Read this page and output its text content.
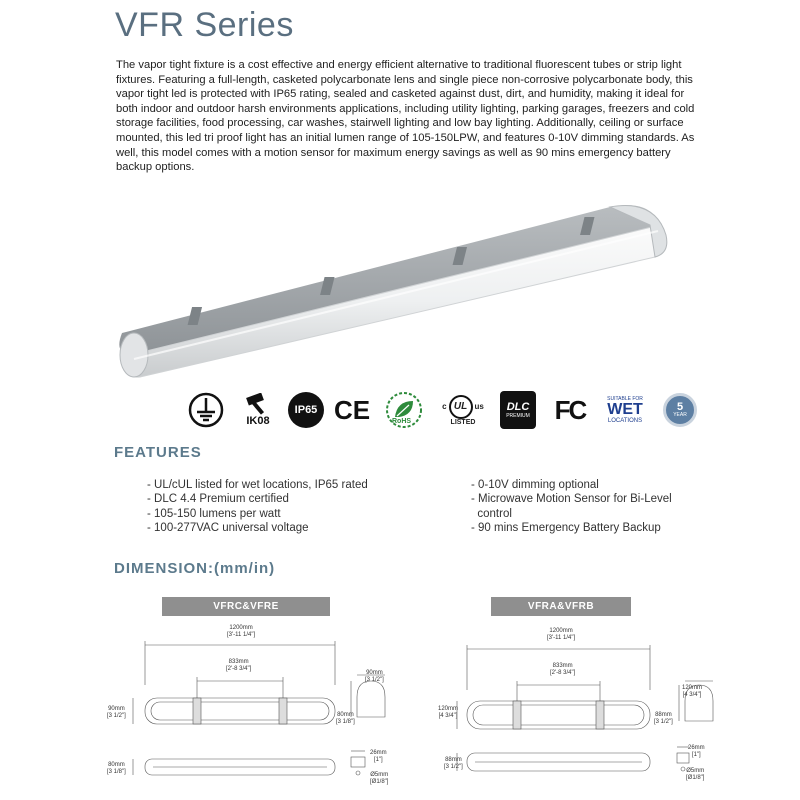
VFR Series

The vapor tight fixture is a cost effective and energy efficient alternative to traditional fluorescent tubes or strip light fixtures. Featuring a full-length, casketed polycarbonate lens and single piece non-corrosive polycarbonate body, this vapor tight led is protected with IP65 rating, sealed and casketed against dust, dirt, and humidity, making it ideal for both indoor and outdoor harsh environments applications, including utility lighting, parking garages, freezers and cold storage facilities, food processing, car washes, stairwell lighting and low bay lighting. Additionally, ceiling or surface mounted, this led tri proof light has an initial lumen range of 105-150LPW, and features 0-10V dimming standards. As well, this model comes with a motion sensor for maximum energy savings as well as 90 mins emergency battery backup options.

IK08
IP65 CE	RoHS
c UL us
LISTED
DLC
PREMIUM FC	SUITABLE FOR
WET
LOCATIONS
5
YEAR
FEATURES
- UL/cUL listed for wet locations, IP65 rated
- DLC 4.4 Premium certified
- 105-150 lumens per watt
- 100-277VAC universal voltage
- 0-10V dimming optional
- Microwave Motion Sensor for Bi-Level
control
- 90 mins Emergency Battery Backup
DIMENSION:(mm/in)
VFRC&VFRE
1200mm
[3'-11 1/4"]
833mm
[2'-8 3/4"]
90mm
[3 1/2"]
90mm
[3 1/2"]
80mm
[3 1/8"]
80mm
[3 1/8"]
26mm
[1"]
Ø5mm
[Ø1/8"]
VFRA&VFRB
1200mm
[3'-11 1/4"]
833mm
[2'-8 3/4"]
120mm
[4 3/4"]
120mm
[4 3/4"]
88mm
[3 1/2"]
88mm
[3 1/2"]
26mm
[1"]
Ø5mm
[Ø1/8"]
